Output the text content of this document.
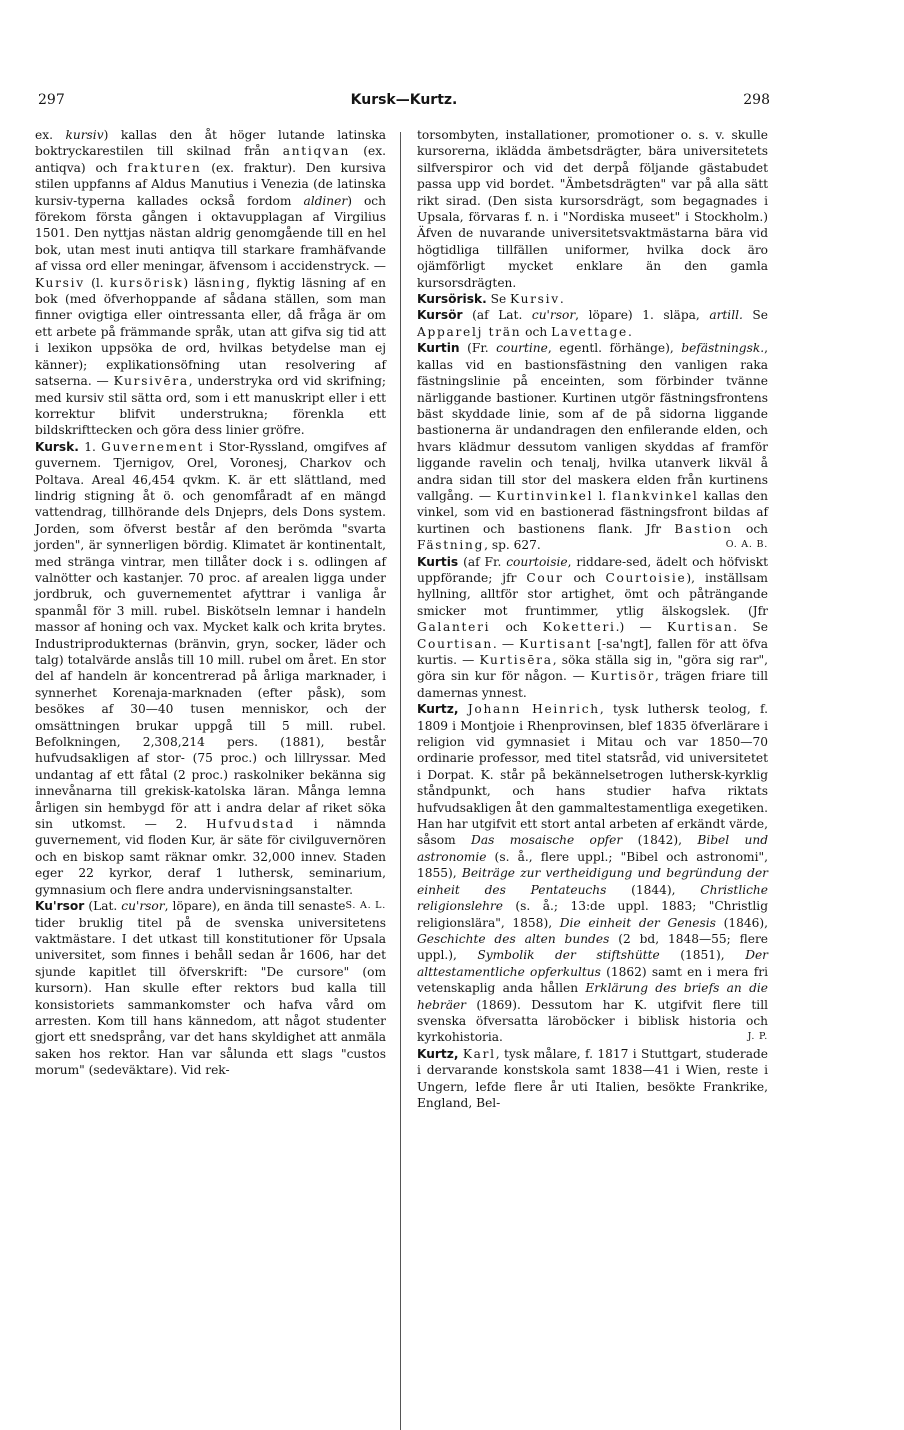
297	Kursk—Kurtz.	298

ex. kursiv) kallas den åt höger lutande latinska boktryckarestilen till skilnad från antiqvan (ex. antiqva) och frakturen (ex. fraktur). Den kursiva stilen uppfanns af Aldus Manutius i Venezia (de latinska kursiv-typerna kallades också fordom aldiner) och förekom första gången i oktavupplagan af Virgilius 1501. Den nyttjas nästan aldrig genomgående till en hel bok, utan mest inuti antiqva till starkare framhäfvande af vissa ord eller meningar, äfvensom i accidenstryck. — Kursiv (l. kursörisk) läsning, flyktig läsning af en bok (med öfverhoppande af sådana ställen, som man finner ovigtiga eller ointressanta eller, då fråga är om ett arbete på främmande språk, utan att gifva sig tid att i lexikon uppsöka de ord, hvilkas betydelse man ej känner); explikationsöfning utan resolvering af satserna. — Kursivēra, understryka ord vid skrifning; med kursiv stil sätta ord, som i ett manuskript eller i ett korrektur blifvit understrukna; förenkla ett bildskrifttecken och göra dess linier gröfre.

Kursk. 1. Guvernement i Stor-Ryssland, omgifves af guvernem. Tjernigov, Orel, Voronesj, Charkov och Poltava. Areal 46,454 qvkm. K. är ett slättland, med lindrig stigning åt ö. och genomfåradt af en mängd vattendrag, tillhörande dels Dnjeprs, dels Dons system. Jorden, som öfverst består af den berömda "svarta jorden", är synnerligen bördig. Klimatet är kontinentalt, med stränga vintrar, men tillåter dock i s. odlingen af valnötter och kastanjer. 70 proc. af arealen ligga under jordbruk, och guvernementet afyttrar i vanliga år spanmål för 3 mill. rubel. Biskötseln lemnar i handeln massor af honing och vax. Mycket kalk och krita brytes. Industriprodukternas (bränvin, gryn, socker, läder och talg) totalvärde anslås till 10 mill. rubel om året. En stor del af handeln är koncentrerad på årliga marknader, i synnerhet Korenaja-marknaden (efter påsk), som besökes af 30—40 tusen menniskor, och der omsättningen brukar uppgå till 5 mill. rubel. Befolkningen, 2,308,214 pers. (1881), består hufvudsakligen af stor- (75 proc.) och lillryssar. Med undantag af ett fåtal (2 proc.) raskolniker bekänna sig innevånarna till grekisk-katolska läran. Många lemna årligen sin hembygd för att i andra delar af riket söka sin utkomst. — 2. Hufvudstad i nämnda guvernement, vid floden Kur, är säte för civilguvernören och en biskop samt räknar omkr. 32,000 innev. Staden eger 22 kyrkor, deraf 1 luthersk, seminarium, gymnasium och flere andra undervisningsanstalter.
S. A. L.

Ku'rsor (Lat. cu'rsor, löpare), en ända till senaste tider bruklig titel på de svenska universitetens vaktmästare. I det utkast till konstitutioner för Upsala universitet, som finnes i behåll sedan år 1606, har det sjunde kapitlet till öfverskrift: "De cursore" (om kursorn). Han skulle efter rektors bud kalla till konsistoriets sammankomster och hafva vård om arresten. Kom till hans kännedom, att något studenter gjort ett snedsprång, var det hans skyldighet att anmäla saken hos rektor. Han var sålunda ett slags "custos morum" (sedeväktare). Vid rek-

torsombyten, installationer, promotioner o. s. v. skulle kursorerna, iklädda ämbetsdrägter, bära universitetets silfverspiror och vid det derpå följande gästabudet passa upp vid bordet. "Ämbetsdrägten" var på alla sätt rikt sirad. (Den sista kursorsdrägt, som begagnades i Upsala, förvaras f. n. i "Nordiska museet" i Stockholm.) Äfven de nuvarande universitetsvaktmästarna bära vid högtidliga tillfällen uniformer, hvilka dock äro ojämförligt mycket enklare än den gamla kursorsdrägten.

Kursörisk. Se Kursiv.

Kursör (af Lat. cu'rsor, löpare) 1. släpa, artill. Se Apparelj trän och Lavettage.

Kurtin (Fr. courtine, egentl. förhänge), befästningsk., kallas vid en bastionsfästning den vanligen raka fästningslinie på enceinten, som förbinder tvänne närliggande bastioner. Kurtinen utgör fästningsfrontens bäst skyddade linie, som af de på sidorna liggande bastionerna är undandragen den enfilerande elden, och hvars klädmur dessutom vanligen skyddas af framför liggande ravelin och tenalj, hvilka utanverk likväl å andra sidan till stor del maskera elden från kurtinens vallgång. — Kurtinvinkel l. flankvinkel kallas den vinkel, som vid en bastionerad fästningsfront bildas af kurtinen och bastionens flank. Jfr Bastion och Fästning, sp. 627.	O. A. B.

Kurtis (af Fr. courtoisie, riddare-sed, ädelt och höfviskt uppförande; jfr Cour och Courtoisie), inställsam hyllning, alltför stor artighet, ömt och påträngande smicker mot fruntimmer, ytlig älskogslek. (Jfr Galanteri och Koketteri.) — Kurtisan. Se Courtisan. — Kurtisant [-sa'ngt], fallen för att öfva kurtis. — Kurtisēra, söka ställa sig in, "göra sig rar", göra sin kur för någon. — Kurtisör, trägen friare till damernas ynnest.

Kurtz, Johann Heinrich, tysk luthersk teolog, f. 1809 i Montjoie i Rhenprovinsen, blef 1835 öfverlärare i religion vid gymnasiet i Mitau och var 1850—70 ordinarie professor, med titel statsråd, vid universitetet i Dorpat. K. står på bekännelsetrogen luthersk-kyrklig ståndpunkt, och hans studier hafva riktats hufvudsakligen åt den gammaltestamentliga exegetiken. Han har utgifvit ett stort antal arbeten af erkändt värde, såsom Das mosaische opfer (1842), Bibel und astronomie (s. å., flere uppl.; "Bibel och astronomi", 1855), Beiträge zur vertheidigung und begründung der einheit des Pentateuchs (1844), Christliche religionslehre (s. å.; 13:de uppl. 1883; "Christlig religionslära", 1858), Die einheit der Genesis (1846), Geschichte des alten bundes (2 bd, 1848—55; flere uppl.), Symbolik der stiftshütte (1851), Der alttestamentliche opferkultus (1862) samt en i mera fri vetenskaplig anda hållen Erklärung des briefs an die hebräer (1869). Dessutom har K. utgifvit flere till svenska öfversatta läroböcker i biblisk historia och kyrkohistoria.	J. P.

Kurtz, Karl, tysk målare, f. 1817 i Stuttgart, studerade i dervarande konstskola samt 1838—41 i Wien, reste i Ungern, lefde flere år uti Italien, besökte Frankrike, England, Bel-
